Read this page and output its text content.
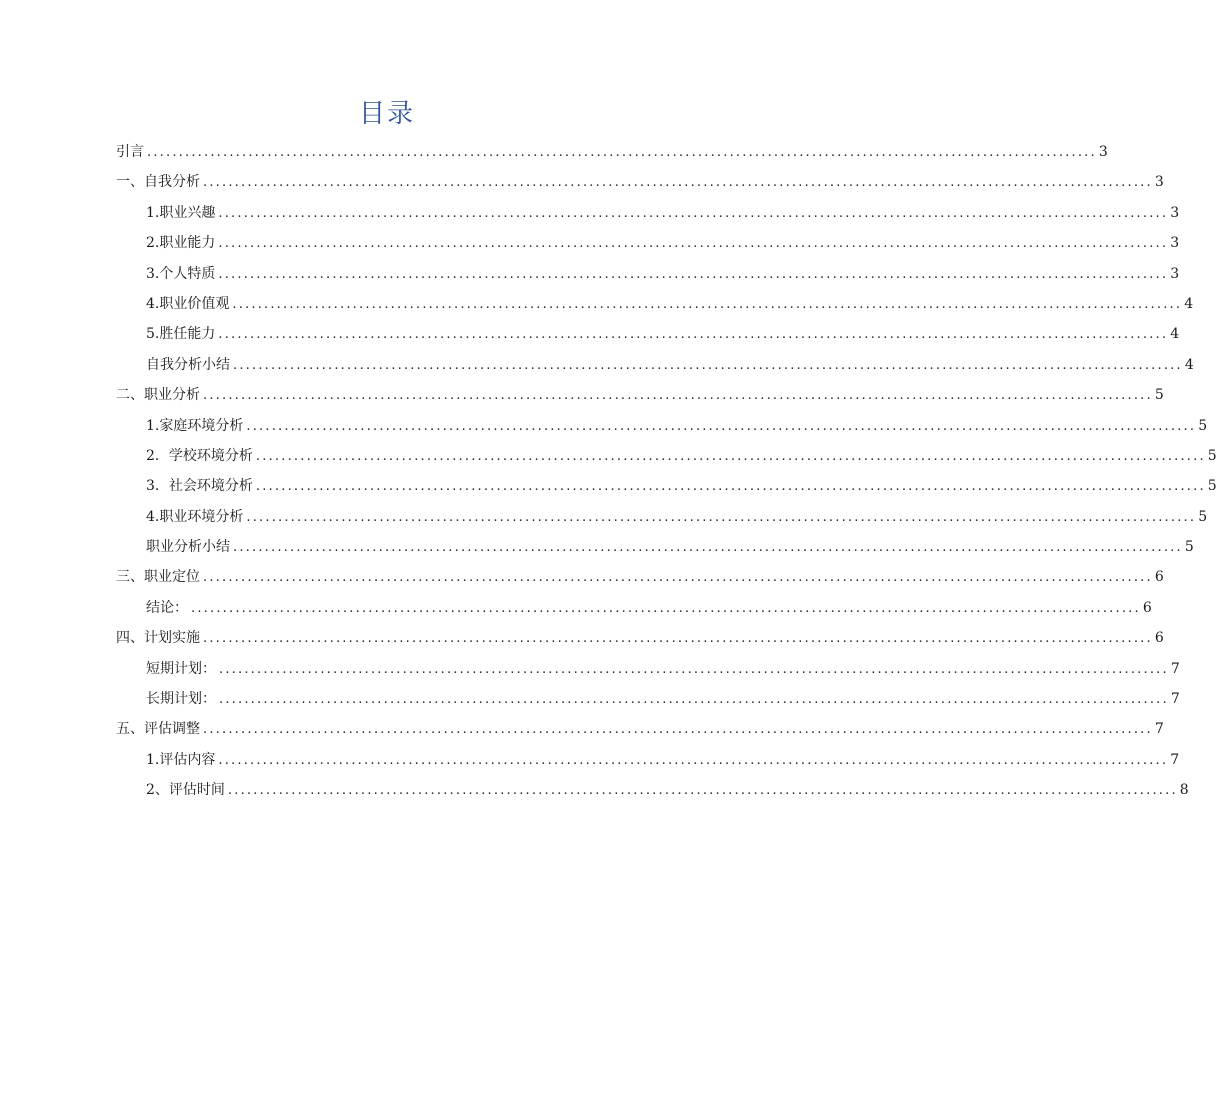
目录
引言 ...................................................................................................................................................... 3
一、自我分析 ...................................................................................................................................................... 3
1.职业兴趣 ...................................................................................................................................................... 3
2.职业能力 ...................................................................................................................................................... 3
3.个人特质 ...................................................................................................................................................... 3
4.职业价值观 ...................................................................................................................................................... 4
5.胜任能力 ...................................................................................................................................................... 4
自我分析小结 ...................................................................................................................................................... 4
二、职业分析 ...................................................................................................................................................... 5
1.家庭环境分析 ...................................................................................................................................................... 5
2．学校环境分析 ...................................................................................................................................................... 5
3．社会环境分析 ...................................................................................................................................................... 5
4.职业环境分析 ...................................................................................................................................................... 5
职业分析小结 ...................................................................................................................................................... 5
三、职业定位 ...................................................................................................................................................... 6
结论： ...................................................................................................................................................... 6
四、计划实施 ...................................................................................................................................................... 6
短期计划： ...................................................................................................................................................... 7
长期计划： ...................................................................................................................................................... 7
五、评估调整 ...................................................................................................................................................... 7
1.评估内容 ...................................................................................................................................................... 7
2、评估时间 ...................................................................................................................................................... 8
